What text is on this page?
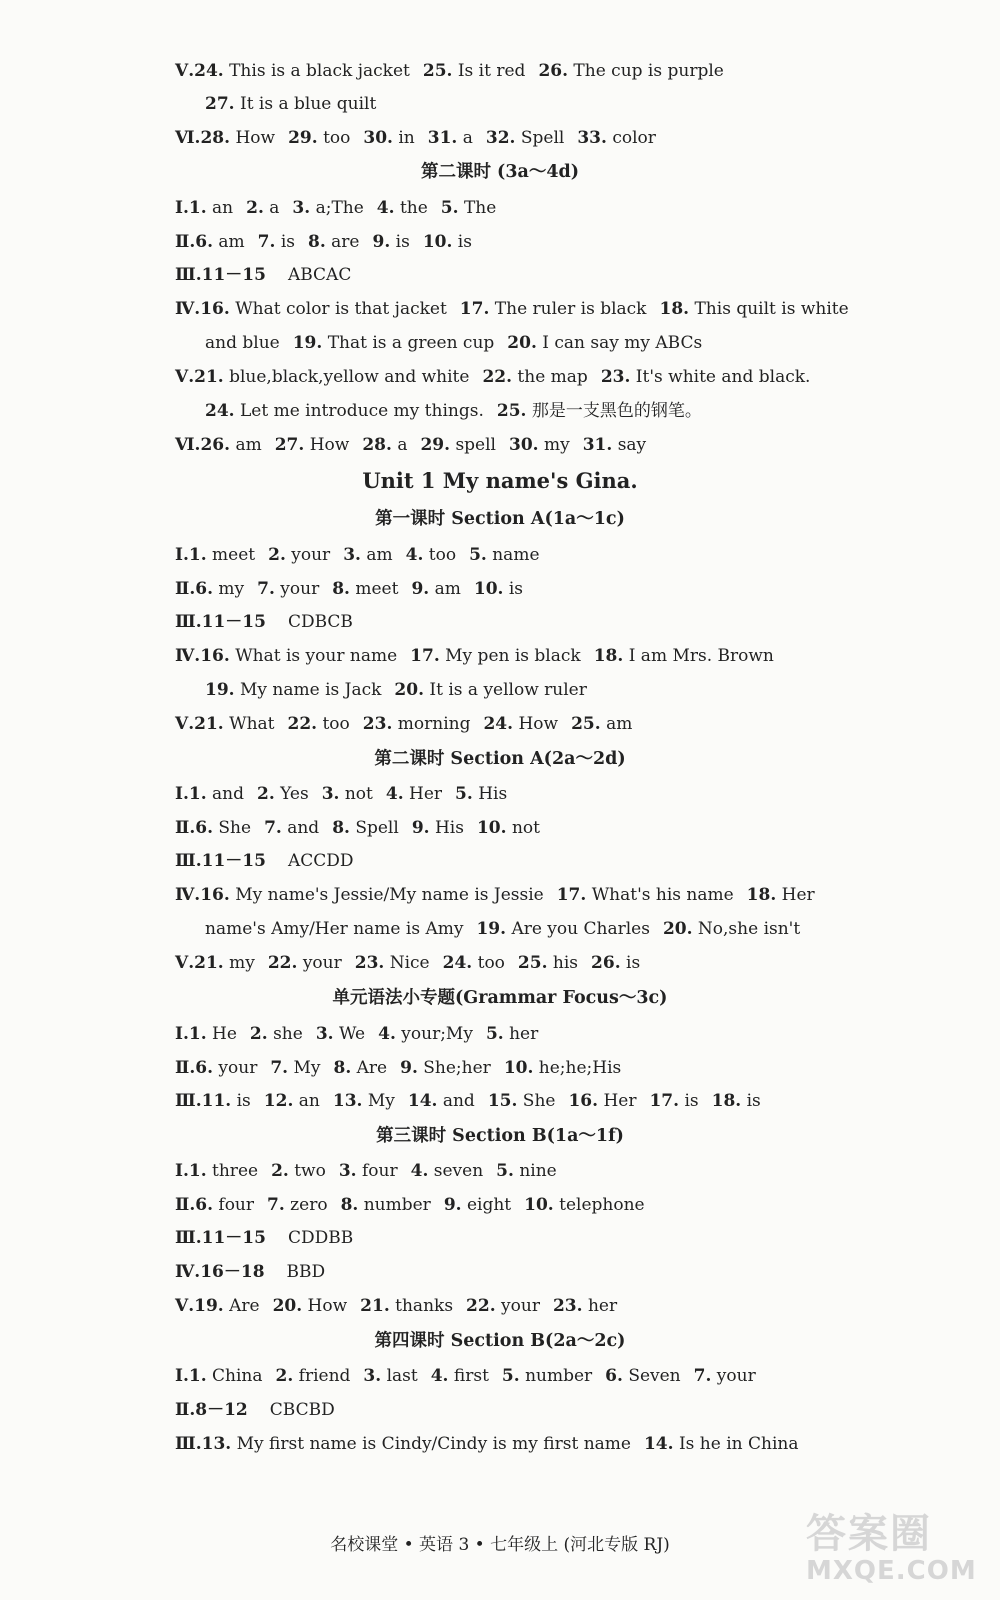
Ⅴ.24. This is a black jacket 25. Is it red 26. The cup is purple
27. It is a blue quilt
Ⅵ.28. How 29. too 30. in 31. a 32. Spell 33. color
第二课时 (3a～4d)
Ⅰ.1. an 2. a 3. a;The 4. the 5. The
Ⅱ.6. am 7. is 8. are 9. is 10. is
Ⅲ.11－15 ABCAC
Ⅳ.16. What color is that jacket 17. The ruler is black 18. This quilt is white
and blue 19. That is a green cup 20. I can say my ABCs
Ⅴ.21. blue,black,yellow and white 22. the map 23. It's white and black.
24. Let me introduce my things. 25. 那是一支黑色的钢笔。
Ⅵ.26. am 27. How 28. a 29. spell 30. my 31. say
Unit 1 My name's Gina.
第一课时 Section A(1a～1c)
Ⅰ.1. meet 2. your 3. am 4. too 5. name
Ⅱ.6. my 7. your 8. meet 9. am 10. is
Ⅲ.11－15 CDBCB
Ⅳ.16. What is your name 17. My pen is black 18. I am Mrs. Brown
19. My name is Jack 20. It is a yellow ruler
Ⅴ.21. What 22. too 23. morning 24. How 25. am
第二课时 Section A(2a～2d)
Ⅰ.1. and 2. Yes 3. not 4. Her 5. His
Ⅱ.6. She 7. and 8. Spell 9. His 10. not
Ⅲ.11－15 ACCDD
Ⅳ.16. My name's Jessie/My name is Jessie 17. What's his name 18. Her
name's Amy/Her name is Amy 19. Are you Charles 20. No,she isn't
Ⅴ.21. my 22. your 23. Nice 24. too 25. his 26. is
单元语法小专题(Grammar Focus～3c)
Ⅰ.1. He 2. she 3. We 4. your;My 5. her
Ⅱ.6. your 7. My 8. Are 9. She;her 10. he;he;His
Ⅲ.11. is 12. an 13. My 14. and 15. She 16. Her 17. is 18. is
第三课时 Section B(1a～1f)
Ⅰ.1. three 2. two 3. four 4. seven 5. nine
Ⅱ.6. four 7. zero 8. number 9. eight 10. telephone
Ⅲ.11－15 CDDBB
Ⅳ.16－18 BBD
Ⅴ.19. Are 20. How 21. thanks 22. your 23. her
第四课时 Section B(2a～2c)
Ⅰ.1. China 2. friend 3. last 4. first 5. number 6. Seven 7. your
Ⅱ.8－12 CBCBD
Ⅲ.13. My first name is Cindy/Cindy is my first name 14. Is he in China
名校课堂 • 英语 3 • 七年级上 (河北专版 RJ)	答案圈
MXQE.COM
